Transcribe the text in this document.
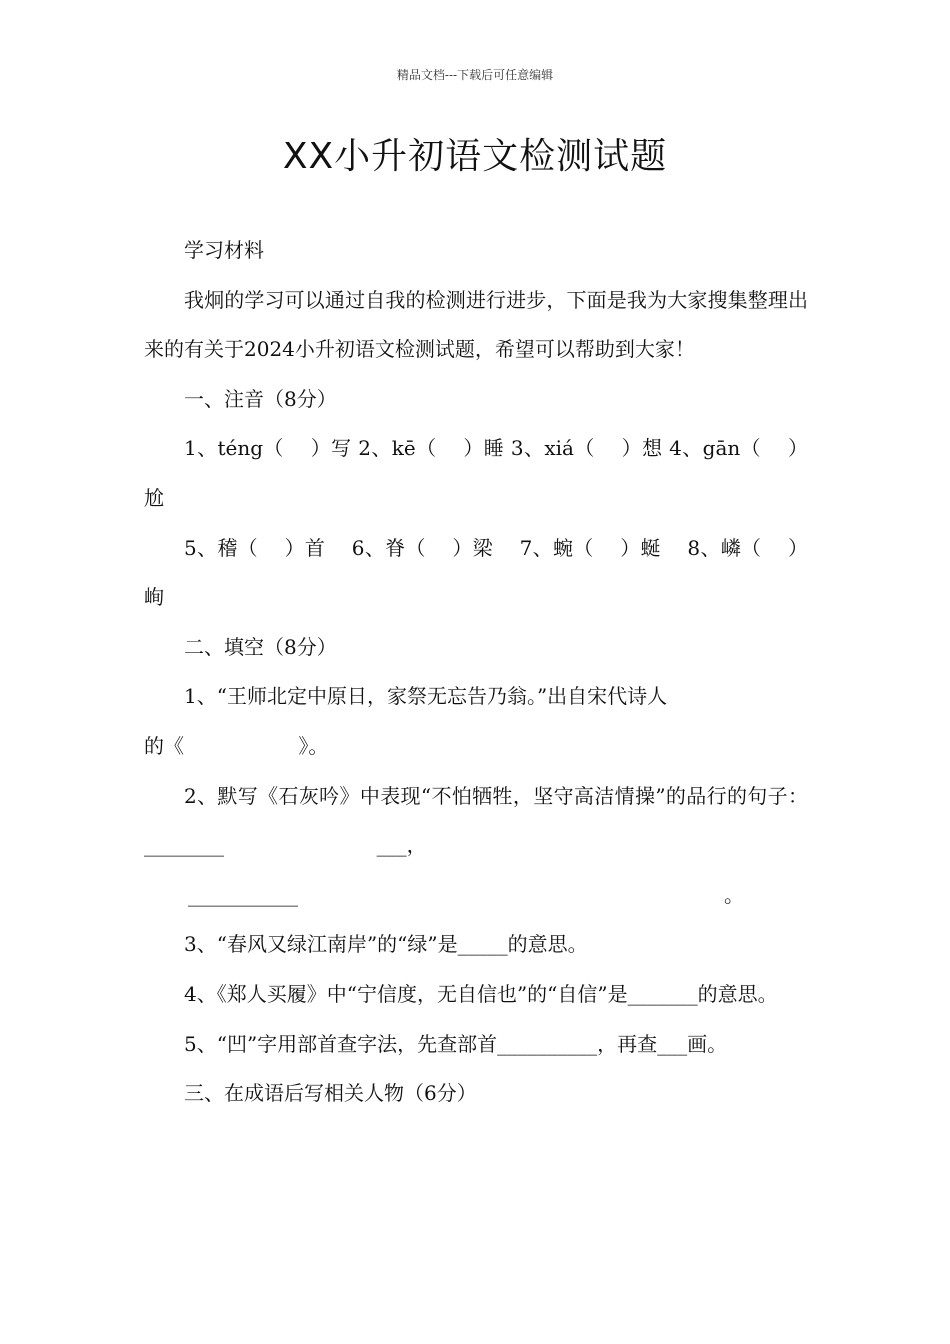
精品文档---下载后可任意编辑
XX小升初语文检测试题

学习材料

我炯的学习可以通过自我的检测进行进步，下面是我为大家搜集整理出来的有关于2024小升初语文检测试题，希望可以帮助到大家！

一、注音（8分）

1、téng（    ）写 2、kē（    ）睡 3、xiá（    ）想 4、gān（    ）尬

5、稽（    ）首    6、脊（    ）梁    7、蜿（    ）蜒    8、嶙（    ）峋

二、填空（8分）

1、“王师北定中原日，家祭无忘告乃翁。”出自宋代诗人

的《                  》。

2、默写《石灰吟》中表现“不怕牺牲，坚守高洁情操”的品行的句子：________                        ___，

___________	。

3、“春风又绿江南岸”的“绿”是_____的意思。

4、《郑人买履》中“宁信度，无自信也”的“自信”是_______的意思。

5、“凹”字用部首查字法，先查部首__________，再查___画。

三、在成语后写相关人物（6分）
